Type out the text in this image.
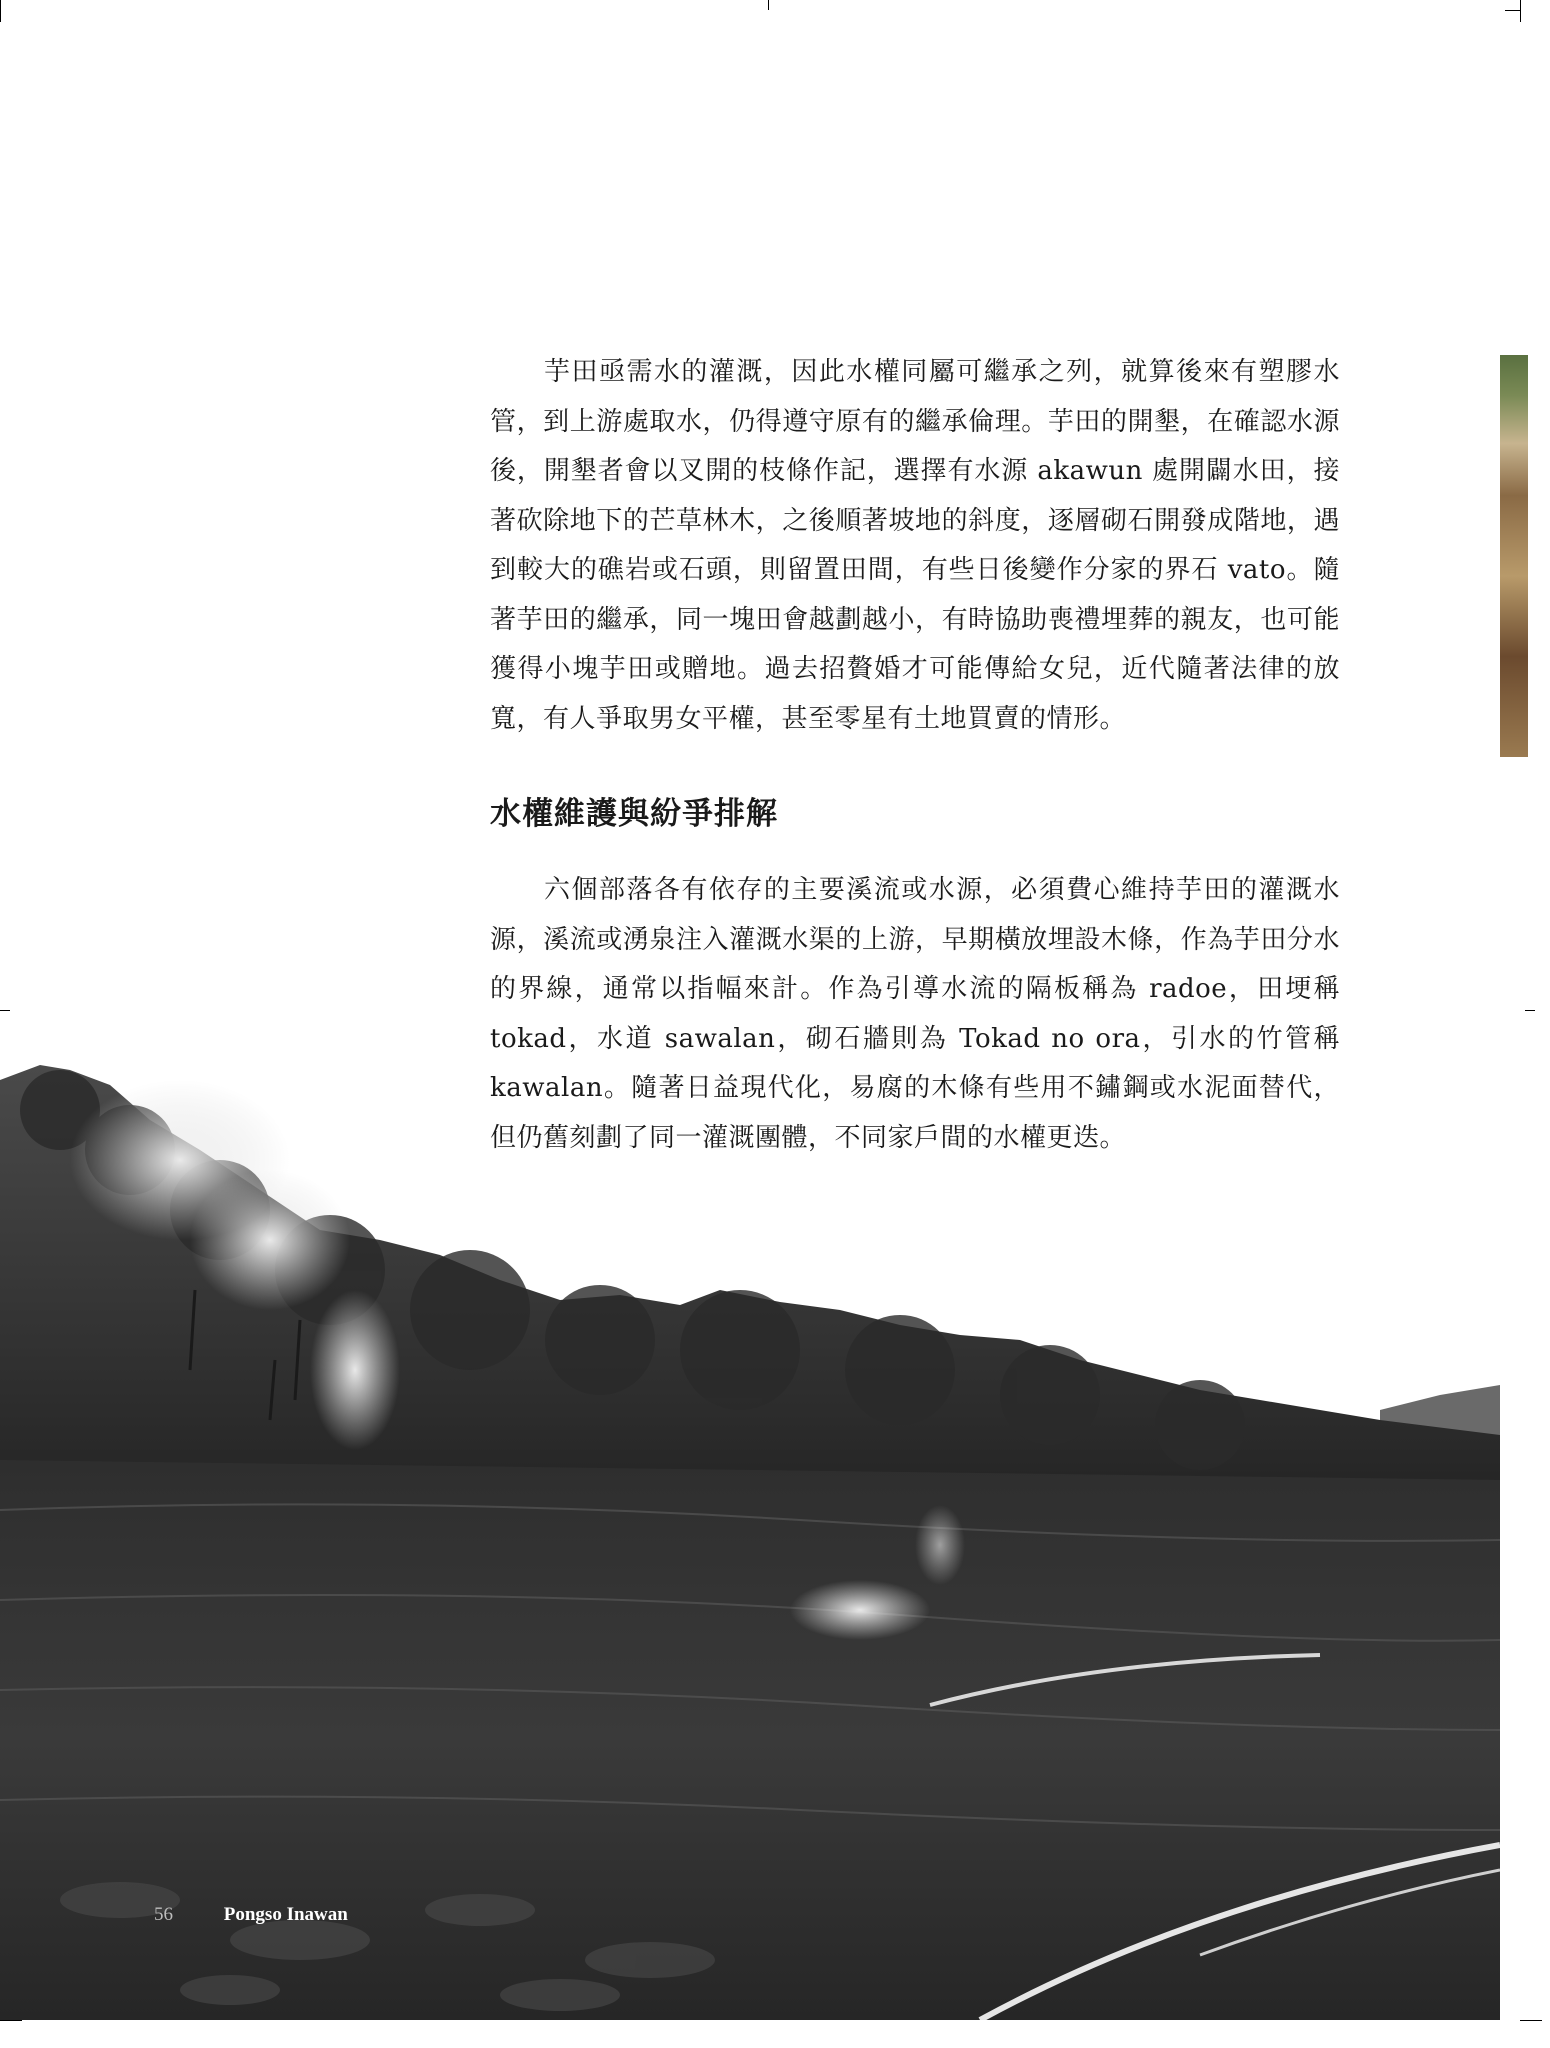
芋田亟需水的灌溉，因此水權同屬可繼承之列，就算後來有塑膠水管，到上游處取水，仍得遵守原有的繼承倫理。芋田的開墾，在確認水源後，開墾者會以叉開的枝條作記，選擇有水源 akawun 處開闢水田，接著砍除地下的芒草林木，之後順著坡地的斜度，逐層砌石開發成階地，遇到較大的礁岩或石頭，則留置田間，有些日後變作分家的界石 vato。隨著芋田的繼承，同一塊田會越劃越小，有時協助喪禮埋葬的親友，也可能獲得小塊芋田或贈地。過去招贅婚才可能傳給女兒，近代隨著法律的放寬，有人爭取男女平權，甚至零星有土地買賣的情形。

水權維護與紛爭排解

六個部落各有依存的主要溪流或水源，必須費心維持芋田的灌溉水源，溪流或湧泉注入灌溉水渠的上游，早期橫放埋設木條，作為芋田分水的界線，通常以指幅來計。作為引導水流的隔板稱為 radoe，田埂稱 tokad，水道 sawalan，砌石牆則為 Tokad no ora，引水的竹管稱 kawalan。隨著日益現代化，易腐的木條有些用不鏽鋼或水泥面替代，但仍舊刻劃了同一灌溉團體，不同家戶間的水權更迭。

56	Pongso Inawan
